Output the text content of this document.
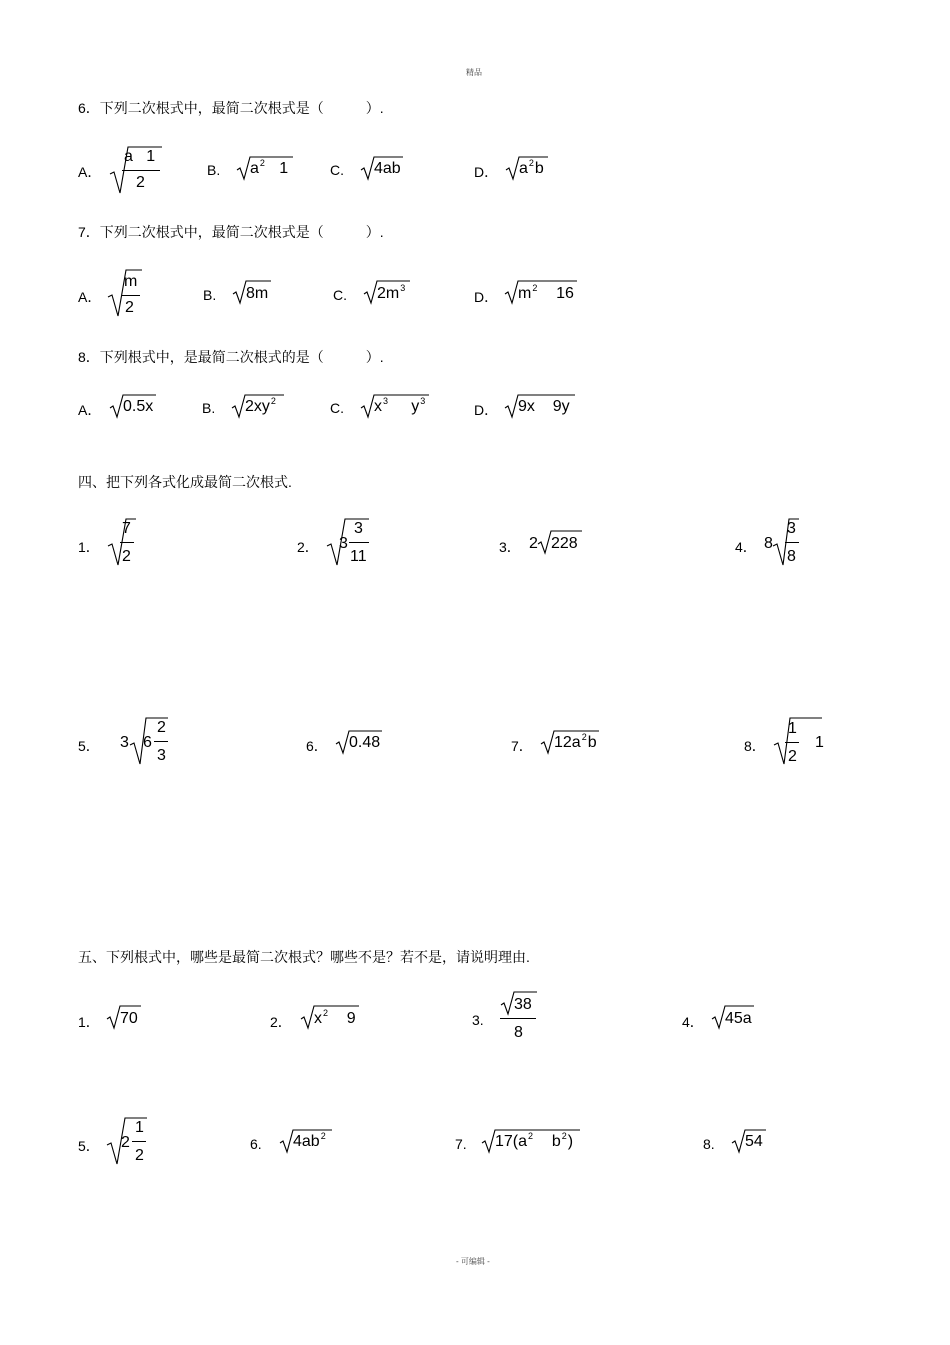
精品
6．下列二次根式中，最简二次根式是（　　　）.
A．
a 1
2
B. $a^2$ 1	C. 4ab	D． $a^2b$
7．下列二次根式中，最简二次根式是（　　　）.
A．
m
2
B. 8m	C. $2m^3$
D． $m^2$ 16
8．下列根式中，是最简二次根式的是（　　　）.
A． 0.5x	B. $2xy^2$	C. $x^3$ $y^3$
D． 9x 9y
四、把下列各式化成最简二次根式.
1．
7
2
2． 3
3
11
3． 2 228	4． 8
3
8
5． 3 6
2
3
6． 0.48	7． $12a^2b$	8．
1
2
1
五、下列根式中，哪些是最简二次根式？哪些不是？若不是，请说明理由.
1． 70	2． $x^2$ 9	3.
38
8
4． 45a
5． 2
1
2
6. $4ab^2$	7. $17(a^2$ $b^2$)	8. 54
- 可编辑 -
